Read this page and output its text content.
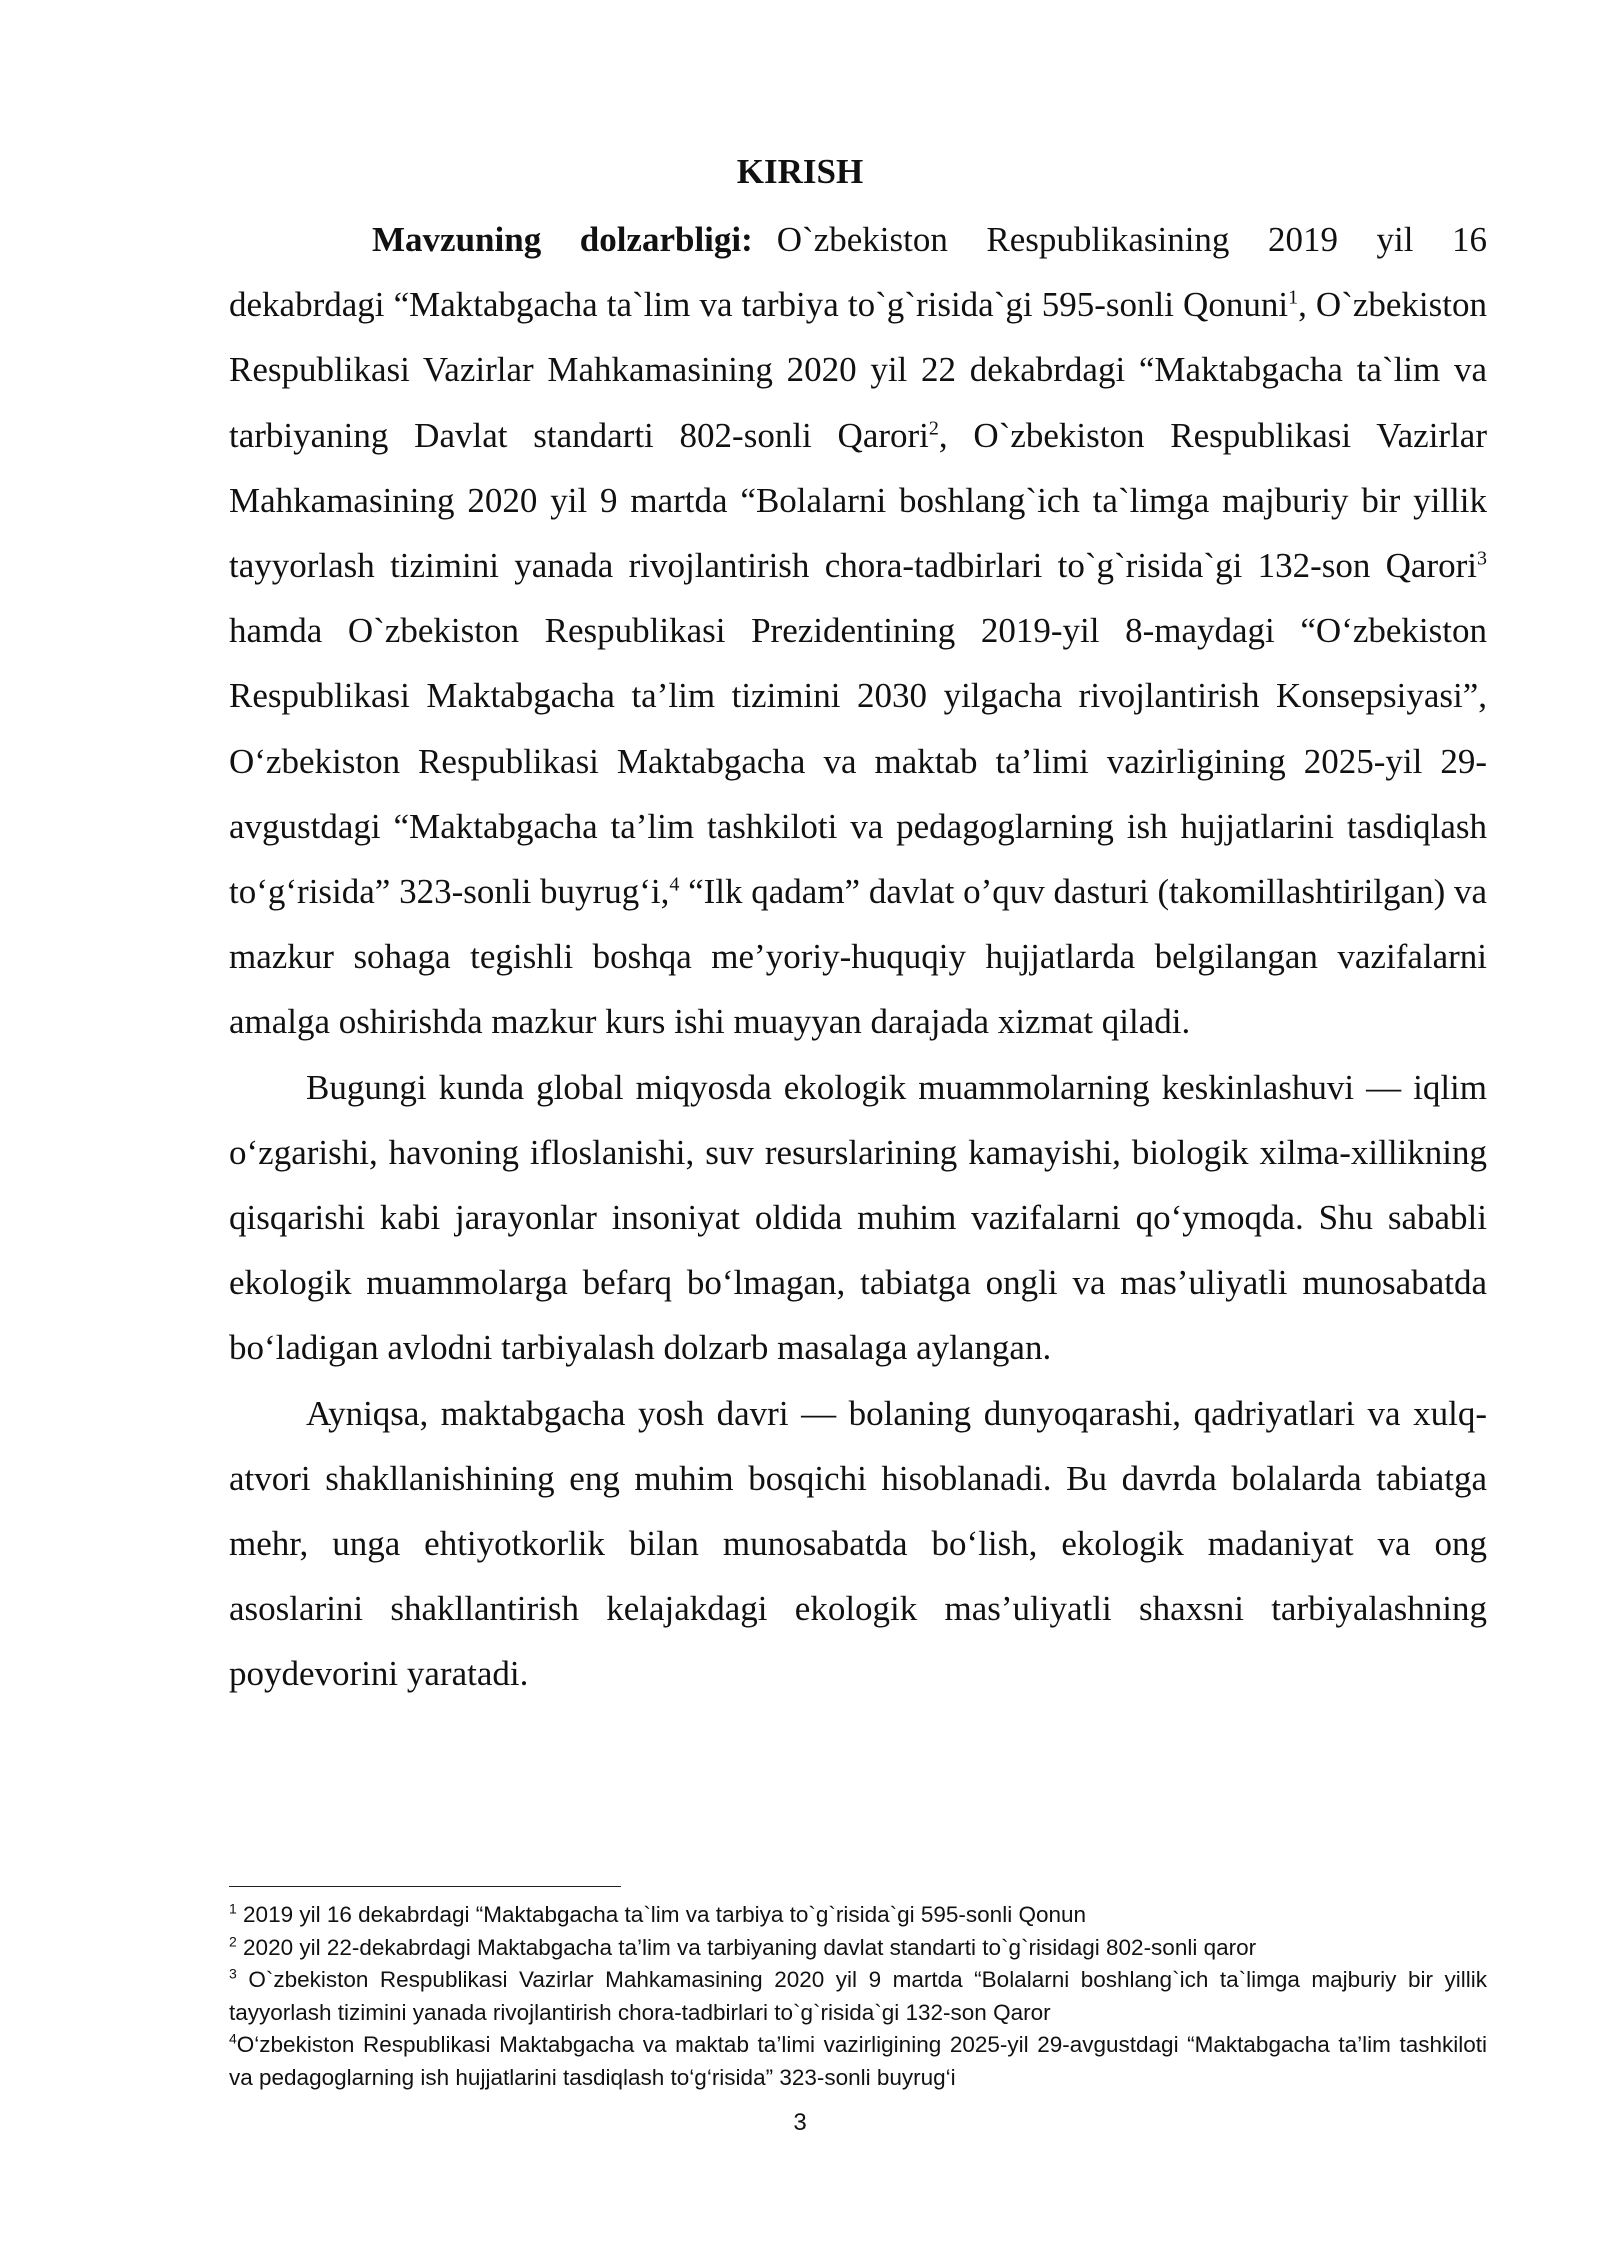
KIRISH

Mavzuning dolzarbligi: O`zbekiston Respublikasining 2019 yil 16 dekabrdagi “Maktabgacha ta`lim va tarbiya to`g`risida`gi 595-sonli Qonuni$^1$, O`zbekiston Respublikasi Vazirlar Mahkamasining 2020 yil 22 dekabrdagi “Maktabgacha ta`lim va tarbiyaning Davlat standarti 802-sonli Qarori$^2$, O`zbekiston Respublikasi Vazirlar Mahkamasining 2020 yil 9 martda “Bolalarni boshlang`ich ta`limga majburiy bir yillik tayyorlash tizimini yanada rivojlantirish chora-tadbirlari to`g`risida`gi 132-son Qarori$^3$ hamda O`zbekiston Respublikasi Prezidentining 2019-yil 8-maydagi “O‘zbekiston Respublikasi Maktabgacha ta’lim tizimini 2030 yilgacha rivojlantirish Konsepsiyasi”, O‘zbekiston Respublikasi Maktabgacha va maktab ta’limi vazirligining 2025-yil 29-avgustdagi “Maktabgacha ta’lim tashkiloti va pedagoglarning ish hujjatlarini tasdiqlash to‘g‘risida” 323-sonli buyrug‘i,$^4$ “Ilk qadam” davlat o’quv dasturi (takomillashtirilgan) va mazkur sohaga tegishli boshqa me’yoriy-huquqiy hujjatlarda belgilangan vazifalarni amalga oshirishda mazkur kurs ishi muayyan darajada xizmat qiladi.

Bugungi kunda global miqyosda ekologik muammolarning keskinlashuvi — iqlim o‘zgarishi, havoning ifloslanishi, suv resurslarining kamayishi, biologik xilma-xillikning qisqarishi kabi jarayonlar insoniyat oldida muhim vazifalarni qo‘ymoqda. Shu sababli ekologik muammolarga befarq bo‘lmagan, tabiatga ongli va mas’uliyatli munosabatda bo‘ladigan avlodni tarbiyalash dolzarb masalaga aylangan.

Ayniqsa, maktabgacha yosh davri — bolaning dunyoqarashi, qadriyatlari va xulq-atvori shakllanishining eng muhim bosqichi hisoblanadi. Bu davrda bolalarda tabiatga mehr, unga ehtiyotkorlik bilan munosabatda bo‘lish, ekologik madaniyat va ong asoslarini shakllantirish kelajakdagi ekologik mas’uliyatli shaxsni tarbiyalashning poydevorini yaratadi.

$^1$ 2019 yil 16 dekabrdagi “Maktabgacha ta`lim va tarbiya to`g`risida`gi 595-sonli Qonun

$^2$ 2020 yil 22-dekabrdagi Maktabgacha ta’lim va tarbiyaning davlat standarti to`g`risidagi 802-sonli qaror

$^3$ O`zbekiston Respublikasi Vazirlar Mahkamasining 2020 yil 9 martda “Bolalarni boshlang`ich ta`limga majburiy bir yillik tayyorlash tizimini yanada rivojlantirish chora-tadbirlari to`g`risida`gi 132-son Qaror

$^4$O‘zbekiston Respublikasi Maktabgacha va maktab ta’limi vazirligining 2025-yil 29-avgustdagi “Maktabgacha ta’lim tashkiloti va pedagoglarning ish hujjatlarini tasdiqlash to‘g‘risida” 323-sonli buyrug‘i

3
